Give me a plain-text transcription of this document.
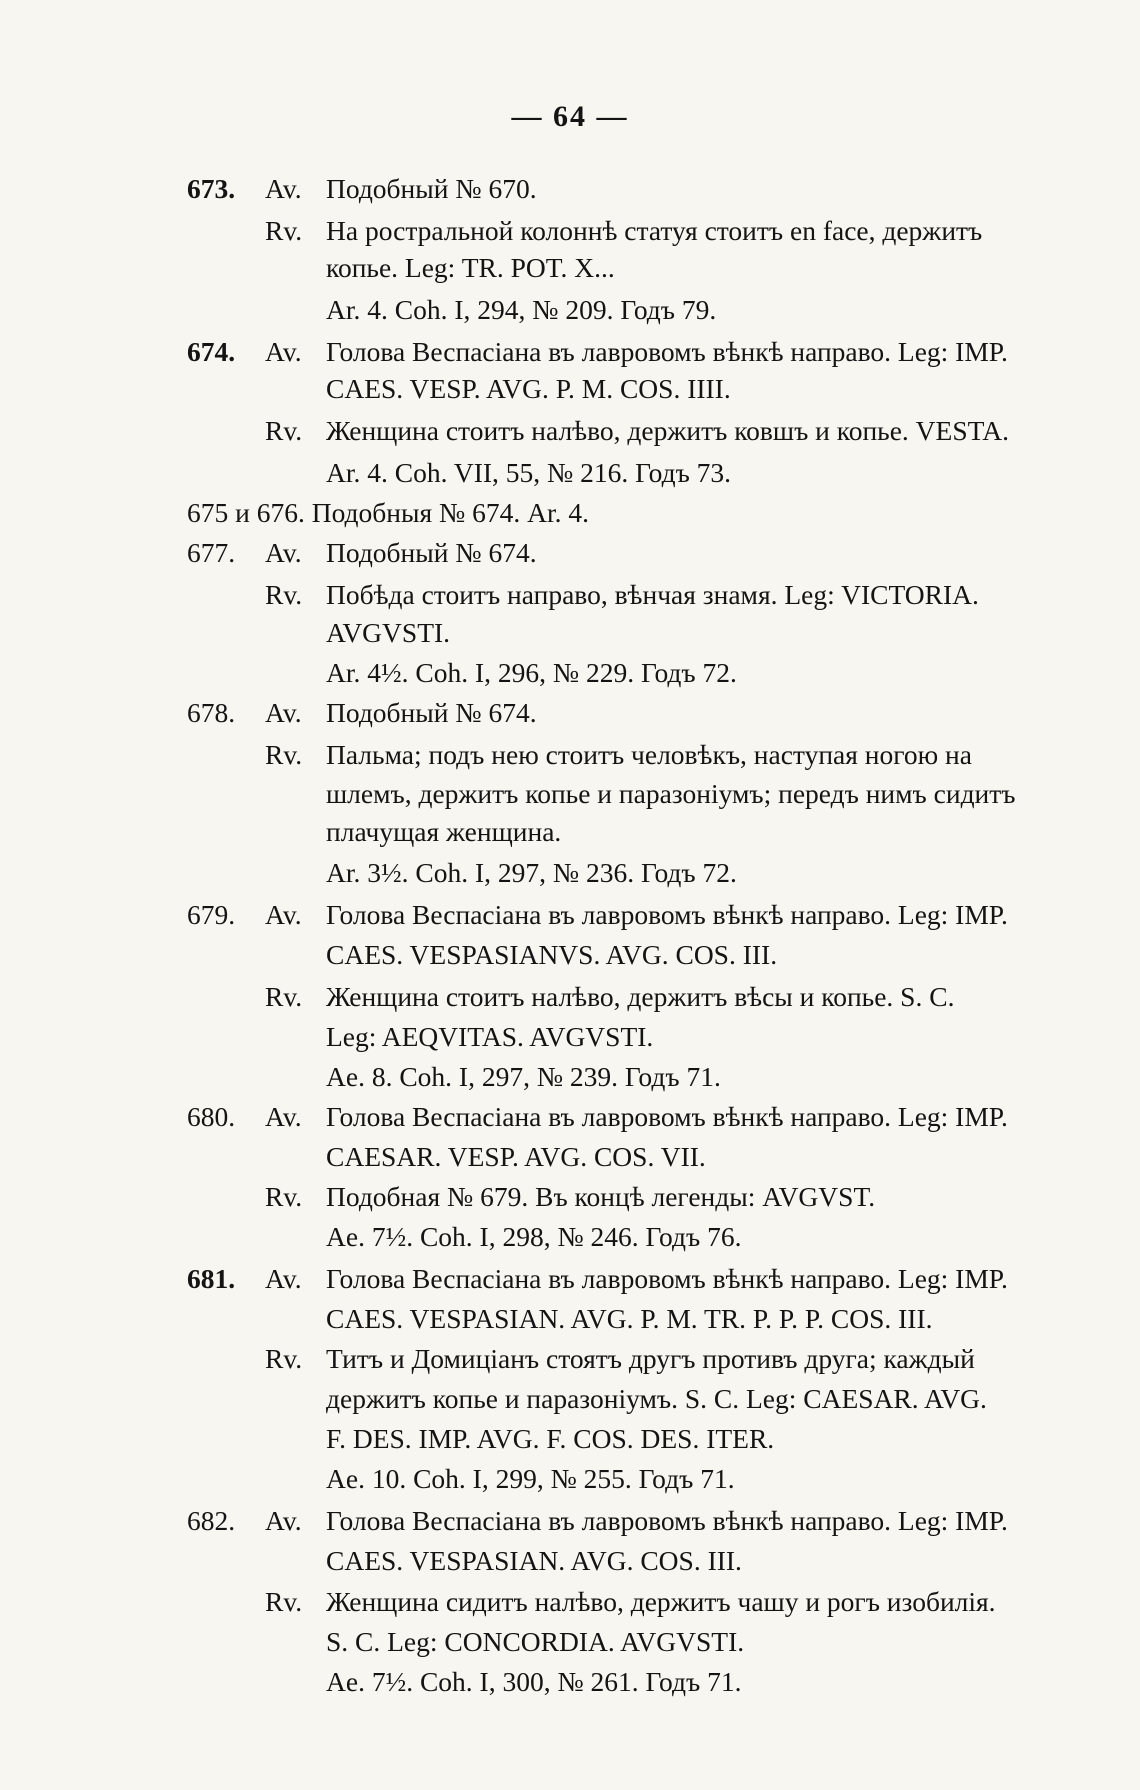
— 64 —
673. Av. Подобный № 670.
Rv. На ростральной колоннѣ статуя стоитъ en face, держитъ
копье. Leg: TR. POT. X...
Ar. 4. Coh. I, 294, № 209. Годъ 79.
674. Av. Голова Веспасіана въ лавровомъ вѣнкѣ направо. Leg: IMP.
CAES. VESP. AVG. P. M. COS. IIII.
Rv. Женщина стоитъ налѣво, держитъ ковшъ и копье. VESTA.
Ar. 4. Coh. VII, 55, № 216. Годъ 73.
675 и 676. Подобныя № 674. Ar. 4.
677. Av. Подобный № 674.
Rv. Побѣда стоитъ направо, вѣнчая знамя. Leg: VICTORIA.
AVGVSTI.
Ar. 4½. Coh. I, 296, № 229. Годъ 72.
678. Av. Подобный № 674.
Rv. Пальма; подъ нею стоитъ человѣкъ, наступая ногою на
шлемъ, держитъ копье и паразоніумъ; передъ нимъ сидитъ
плачущая женщина.
Ar. 3½. Coh. I, 297, № 236. Годъ 72.
679. Av. Голова Веспасіана въ лавровомъ вѣнкѣ направо. Leg: IMP.
CAES. VESPASIANVS. AVG. COS. III.
Rv. Женщина стоитъ налѣво, держитъ вѣсы и копье. S. C.
Leg: AEQVITAS. AVGVSTI.
Ae. 8. Coh. I, 297, № 239. Годъ 71.
680. Av. Голова Веспасіана въ лавровомъ вѣнкѣ направо. Leg: IMP.
CAESAR. VESP. AVG. COS. VII.
Rv. Подобная № 679. Въ концѣ легенды: AVGVST.
Ae. 7½. Coh. I, 298, № 246. Годъ 76.
681. Av. Голова Веспасіана въ лавровомъ вѣнкѣ направо. Leg: IMP.
CAES. VESPASIAN. AVG. P. M. TR. P. P. P. COS. III.
Rv. Титъ и Домиціанъ стоятъ другъ противъ друга; каждый
держитъ копье и паразоніумъ. S. C. Leg: CAESAR. AVG.
F. DES. IMP. AVG. F. COS. DES. ITER.
Ae. 10. Coh. I, 299, № 255. Годъ 71.
682. Av. Голова Веспасіана въ лавровомъ вѣнкѣ направо. Leg: IMP.
CAES. VESPASIAN. AVG. COS. III.
Rv. Женщина сидитъ налѣво, держитъ чашу и рогъ изобилія.
S. C. Leg: CONCORDIA. AVGVSTI.
Ae. 7½. Coh. I, 300, № 261. Годъ 71.
